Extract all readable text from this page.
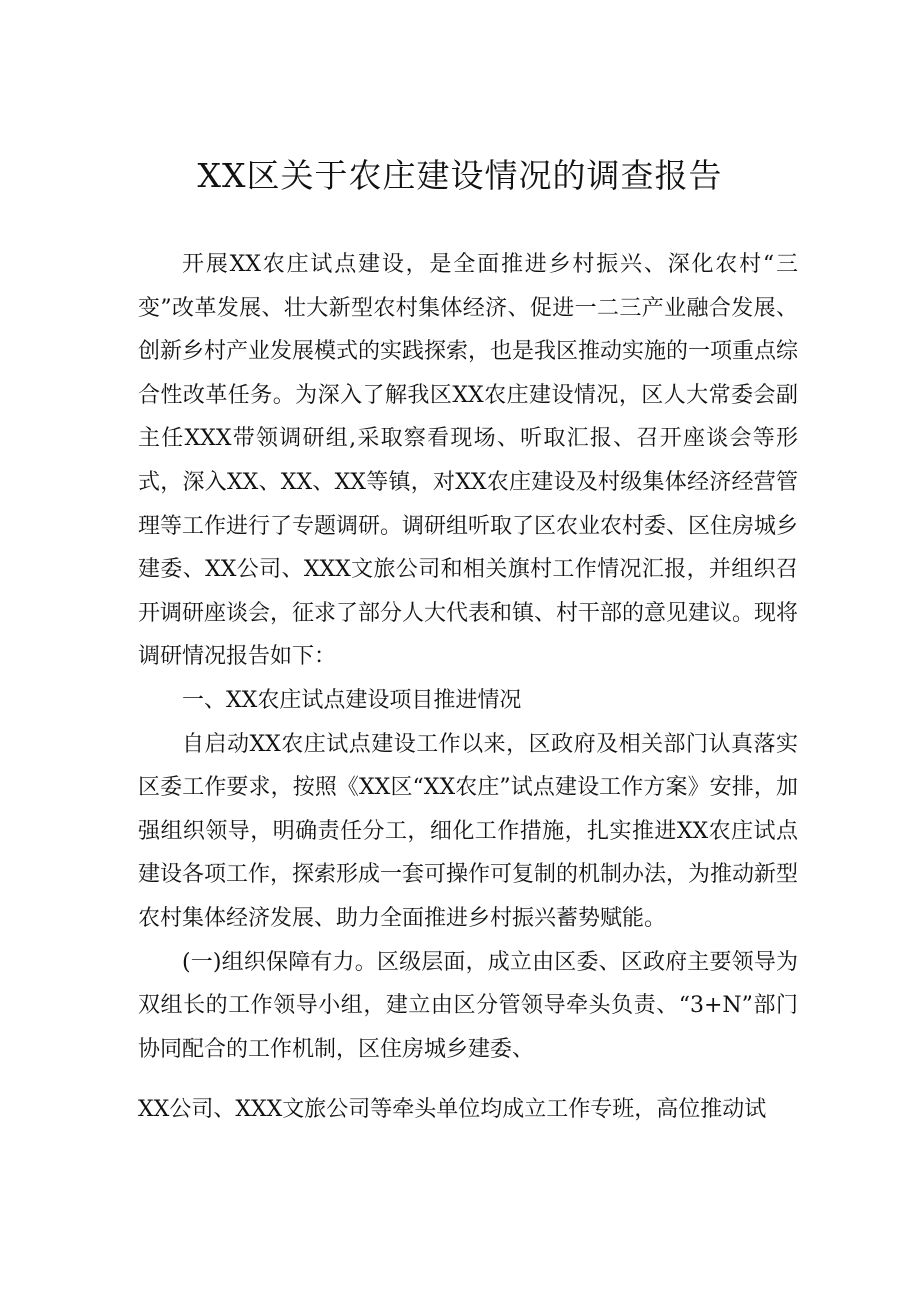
XX区关于农庄建设情况的调查报告

开展XX农庄试点建设，是全面推进乡村振兴、深化农村“三变”改革发展、壮大新型农村集体经济、促进一二三产业融合发展、创新乡村产业发展模式的实践探索，也是我区推动实施的一项重点综合性改革任务。为深入了解我区XX农庄建设情况，区人大常委会副主任XXX带领调研组,采取察看现场、听取汇报、召开座谈会等形式，深入XX、XX、XX等镇，对XX农庄建设及村级集体经济经营管理等工作进行了专题调研。调研组听取了区农业农村委、区住房城乡建委、XX公司、XXX文旅公司和相关旗村工作情况汇报，并组织召开调研座谈会，征求了部分人大代表和镇、村干部的意见建议。现将调研情况报告如下：

一、XX农庄试点建设项目推进情况

自启动XX农庄试点建设工作以来，区政府及相关部门认真落实区委工作要求，按照《XX区“XX农庄”试点建设工作方案》安排，加强组织领导，明确责任分工，细化工作措施，扎实推进XX农庄试点建设各项工作，探索形成一套可操作可复制的机制办法，为推动新型农村集体经济发展、助力全面推进乡村振兴蓄势赋能。

(一)组织保障有力。区级层面，成立由区委、区政府主要领导为双组长的工作领导小组，建立由区分管领导牵头负责、“3+N”部门协同配合的工作机制，区住房城乡建委、

XX公司、XXX文旅公司等牵头单位均成立工作专班，高位推动试
